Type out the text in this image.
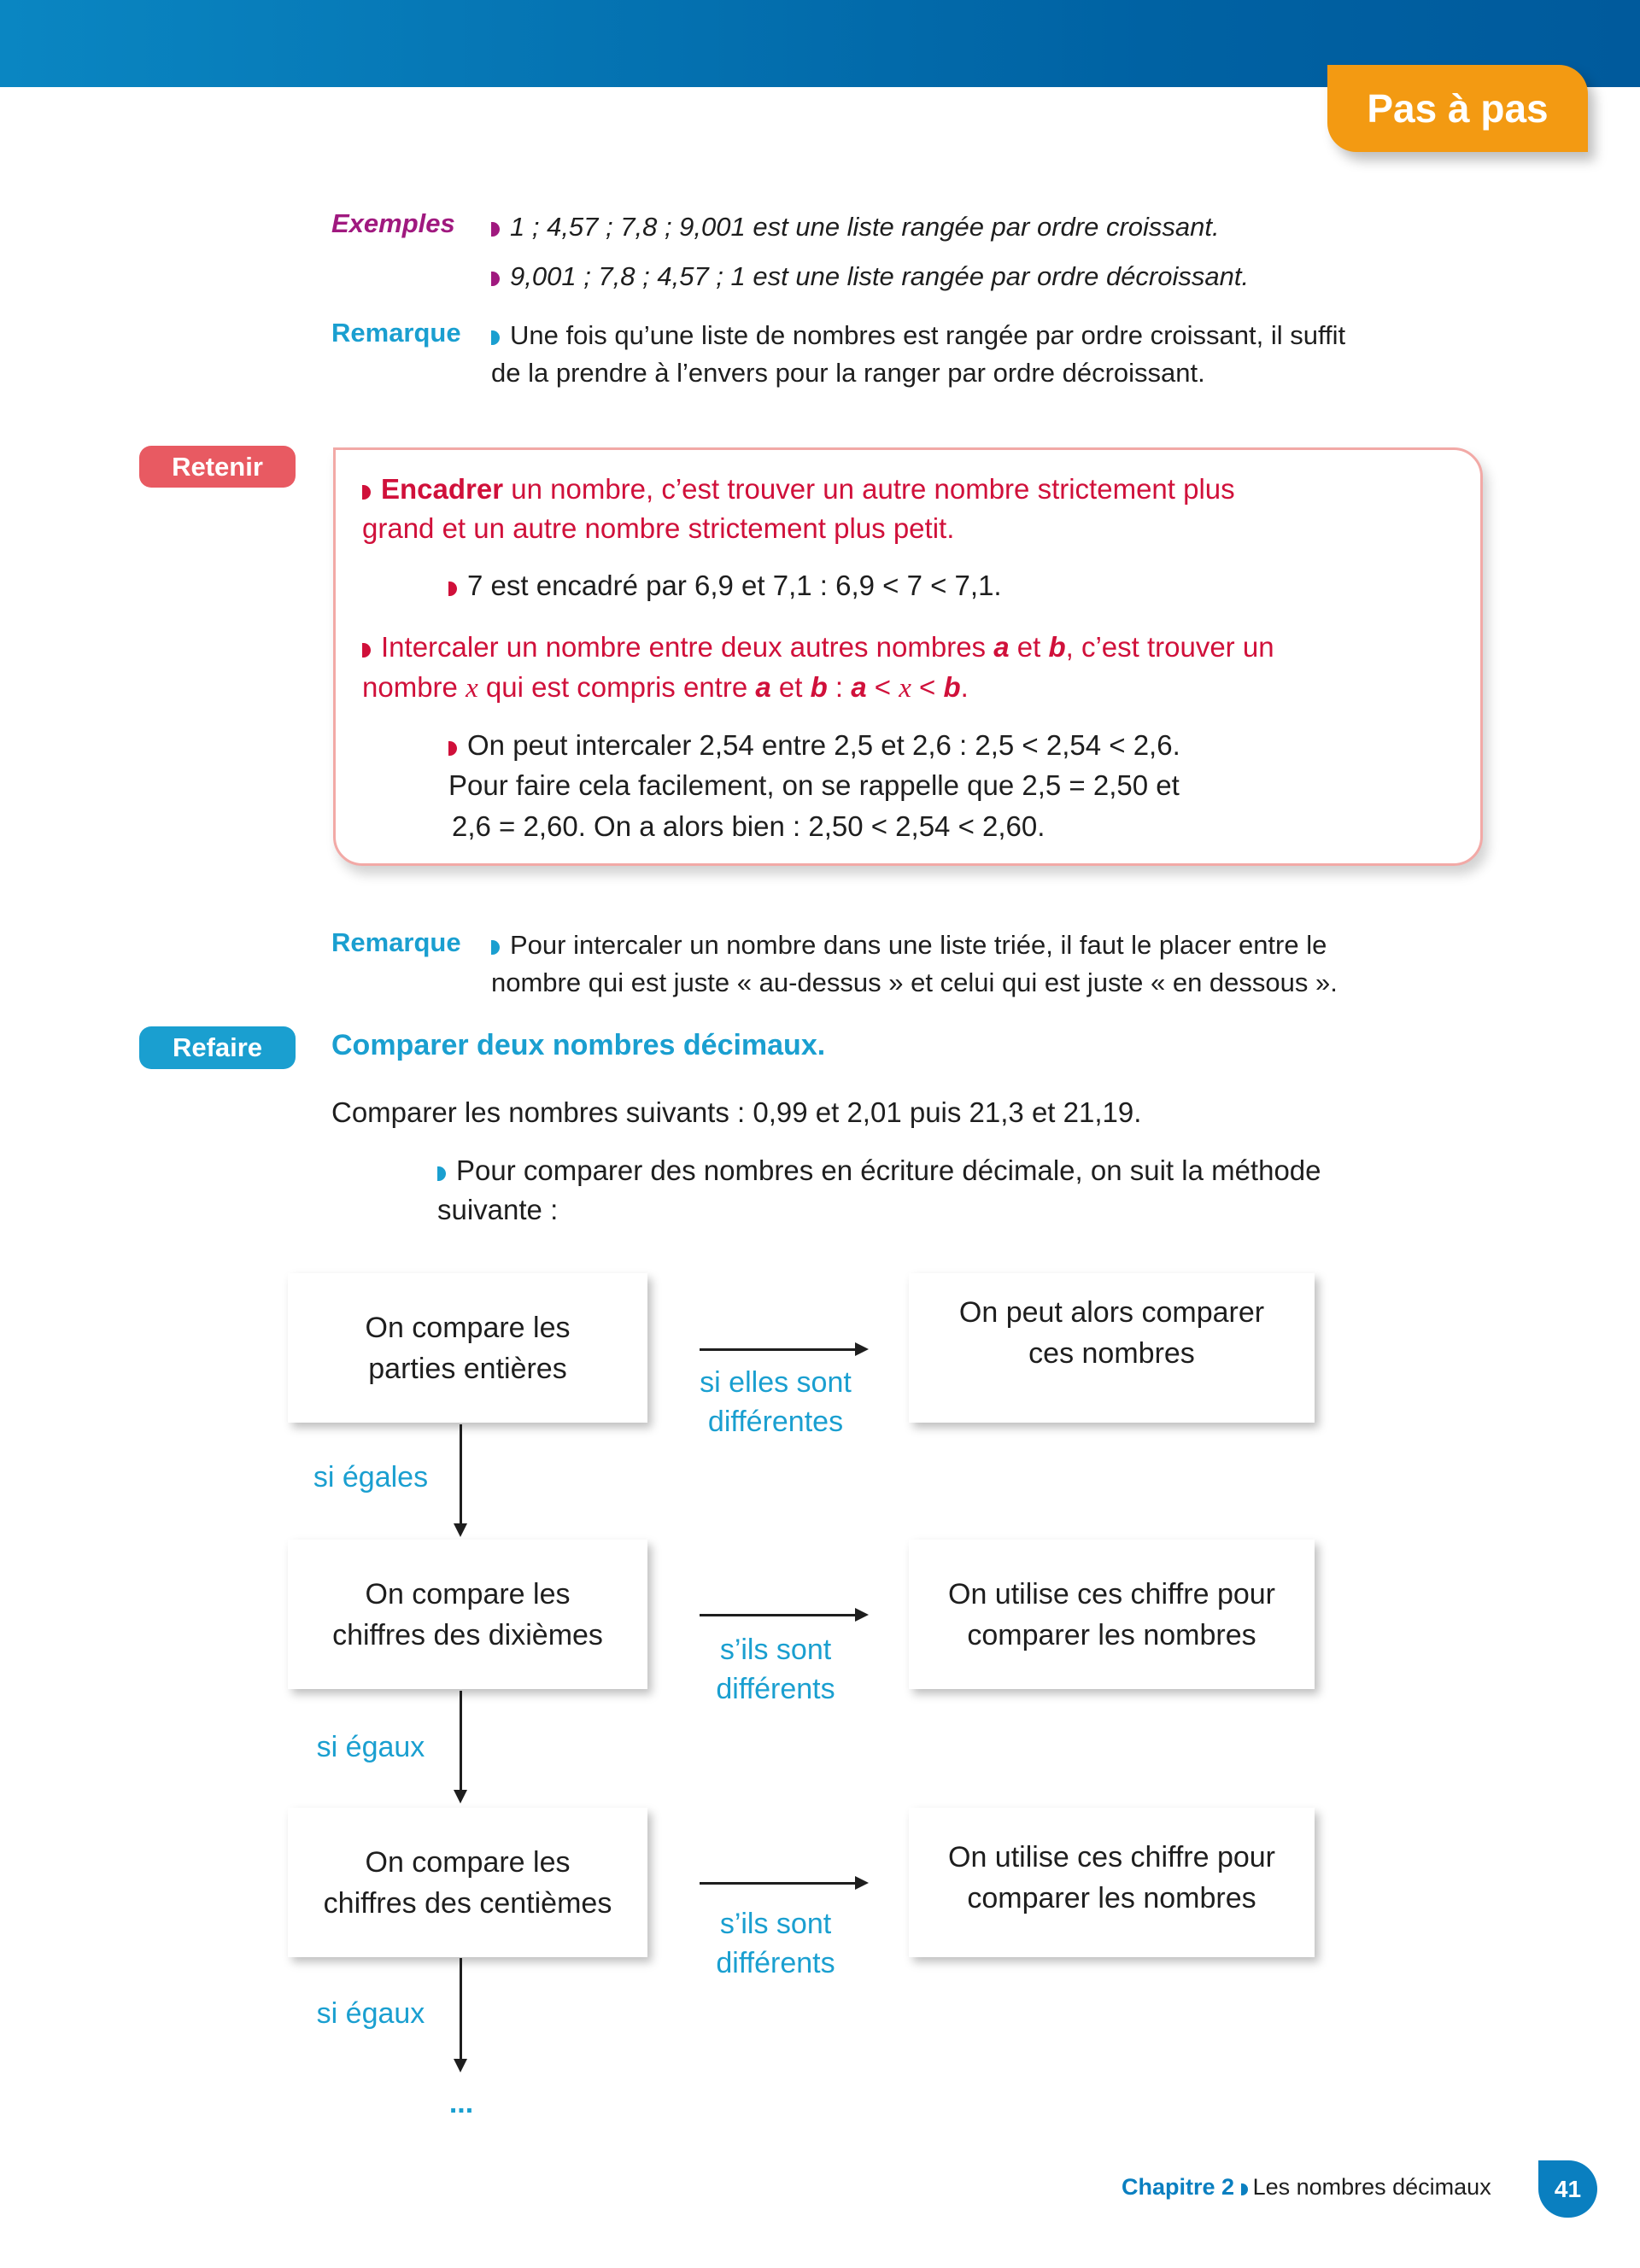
Pas à pas
Exemples	1 ; 4,57 ; 7,8 ; 9,001 est une liste rangée par ordre croissant.
9,001 ; 7,8 ; 4,57 ; 1 est une liste rangée par ordre décroissant.
Remarque	Une fois qu’une liste de nombres est rangée par ordre croissant, il suffit
de la prendre à l’envers pour la ranger par ordre décroissant.
Retenir
Encadrer un nombre, c’est trouver un autre nombre strictement plus
grand et un autre nombre strictement plus petit.
7 est encadré par 6,9 et 7,1 : 6,9 < 7 < 7,1.
Intercaler un nombre entre deux autres nombres a et b, c’est trouver un
nombre x qui est compris entre a et b : a < x < b.
On peut intercaler 2,54 entre 2,5 et 2,6 : 2,5 < 2,54 < 2,6.
Pour faire cela facilement, on se rappelle que 2,5 = 2,50 et
2,6 = 2,60. On a alors bien : 2,50 < 2,54 < 2,60.
Remarque	Pour intercaler un nombre dans une liste triée, il faut le placer entre le
nombre qui est juste « au-dessus » et celui qui est juste « en dessous ».
Refaire	Comparer deux nombres décimaux.
Comparer les nombres suivants : 0,99 et 2,01 puis 21,3 et 21,19.
Pour comparer des nombres en écriture décimale, on suit la méthode
suivante :
On compare les
parties entières
On compare les
chiffres des dixièmes
On compare les
chiffres des centièmes
On peut alors comparer
ces nombres
On utilise ces chiffre pour
comparer les nombres
On utilise ces chiffre pour
comparer les nombres
si elles sont
différentes
s’ils sont
différents
s’ils sont
différents
si égales
si égaux
si égaux
...
Chapitre 2 Les nombres décimaux	41
